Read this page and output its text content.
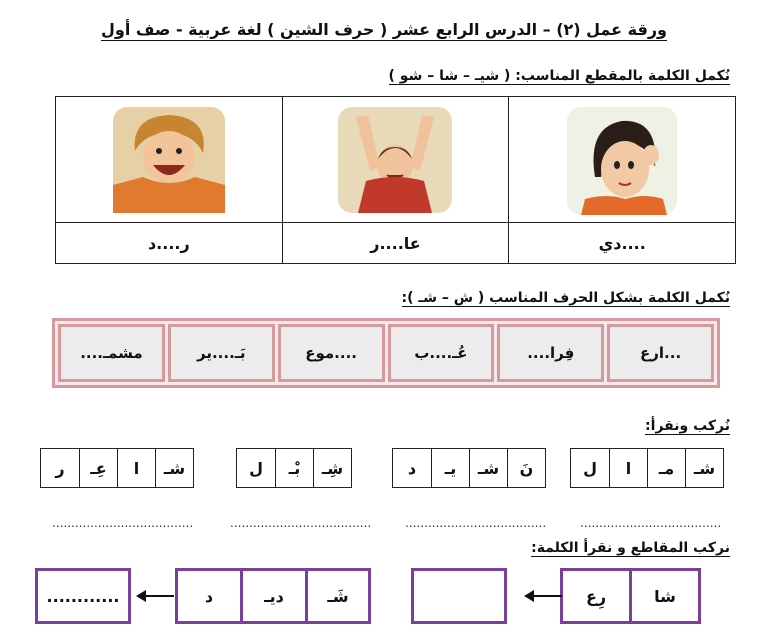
ورقة عمل (٢) – الدرس الرابع عشر ( حرف الشين ) لغة عربية - صف أول
نُكمل الكلمة بالمقطع المناسب: ( شيـ – شا – شو )
....دي
عا....ر
ر....د
نُكمل الكلمة بشكل الحرف المناسب ( ش – شـ ):
...ارع
فِرا....
عُـ....ب
....موع
بَـ....ير
مشمـ....
نُركب ونقرأ:
شـ
مـ
ا
ل
نَ
شـ
يـ
د
شِـ
بْـ
ل
شـ
ا
عِـ
ر
.....................................
.....................................
.....................................
.....................................
نركب المقاطع و نقرأ الكلمة:
شا
رِع
شَـ
ديـ
د
............
